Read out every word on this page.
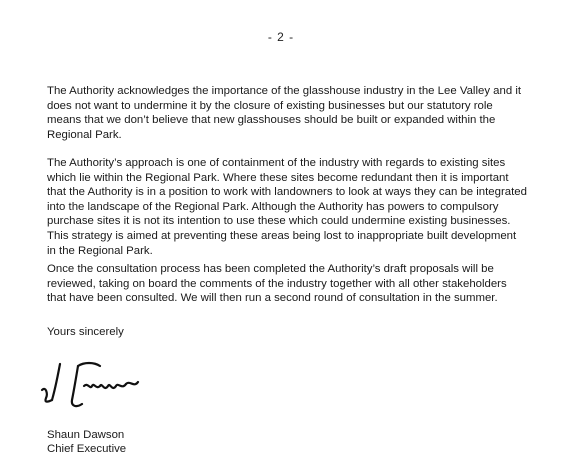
- 2 -

The Authority acknowledges the importance of the glasshouse industry in the Lee Valley and it does not want to undermine it by the closure of existing businesses but our statutory role means that we don’t believe that new glasshouses should be built or expanded within the Regional Park.

The Authority’s approach is one of containment of the industry with regards to existing sites which lie within the Regional Park. Where these sites become redundant then it is important that the Authority is in a position to work with landowners to look at ways they can be integrated into the landscape of the Regional Park. Although the Authority has powers to compulsory purchase sites it is not its intention to use these which could undermine existing businesses. This strategy is aimed at preventing these areas being lost to inappropriate built development in the Regional Park.

Once the consultation process has been completed the Authority’s draft proposals will be reviewed, taking on board the comments of the industry together with all other stakeholders that have been consulted. We will then run a second round of consultation in the summer.

Yours sincerely

Shaun Dawson
Chief Executive
